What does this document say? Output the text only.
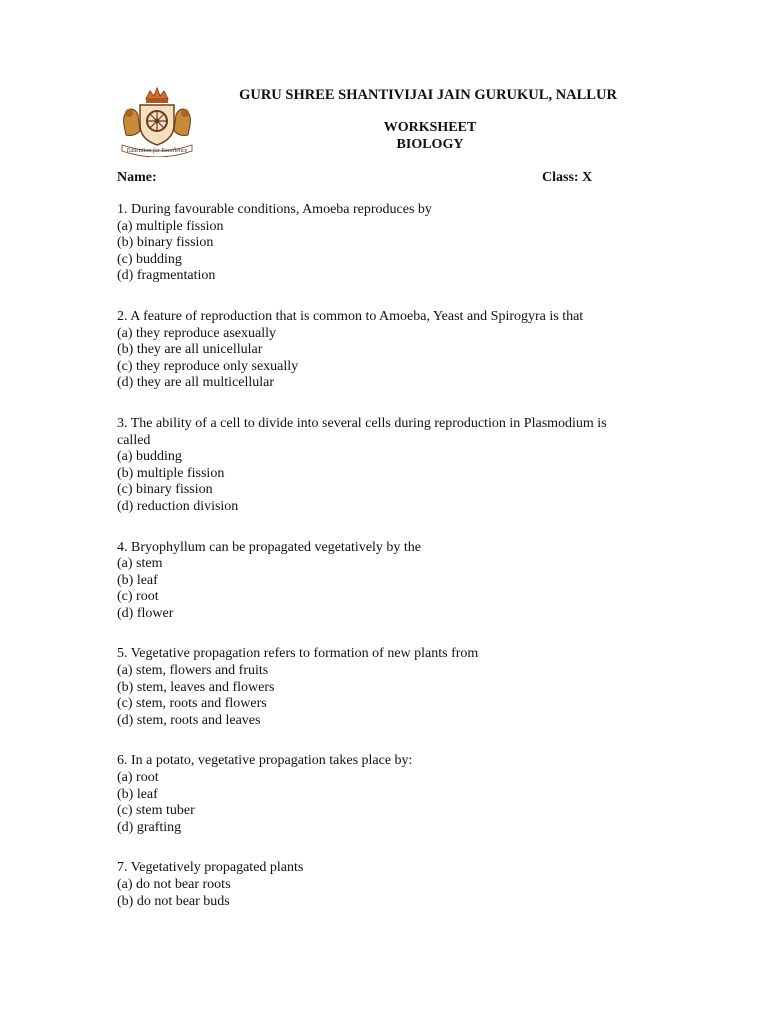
Education for Excellence
GURU SHREE SHANTIVIJAI JAIN GURUKUL, NALLUR
WORKSHEET
BIOLOGY
Name:	Class: X

1. During favourable conditions, Amoeba reproduces by

(a) multiple fission

(b) binary fission

(c) budding

(d) fragmentation

2. A feature of reproduction that is common to Amoeba, Yeast and Spirogyra is that

(a) they reproduce asexually

(b) they are all unicellular

(c) they reproduce only sexually

(d) they are all multicellular

3. The ability of a cell to divide into several cells during reproduction in Plasmodium is called

(a) budding

(b) multiple fission

(c) binary fission

(d) reduction division

4. Bryophyllum can be propagated vegetatively by the

(a) stem

(b) leaf

(c) root

(d) flower

5. Vegetative propagation refers to formation of new plants from

(a) stem, flowers and fruits

(b) stem, leaves and flowers

(c) stem, roots and flowers

(d) stem, roots and leaves

6. In a potato, vegetative propagation takes place by:

(a) root

(b) leaf

(c) stem tuber

(d) grafting

7. Vegetatively propagated plants

(a) do not bear roots

(b) do not bear buds
